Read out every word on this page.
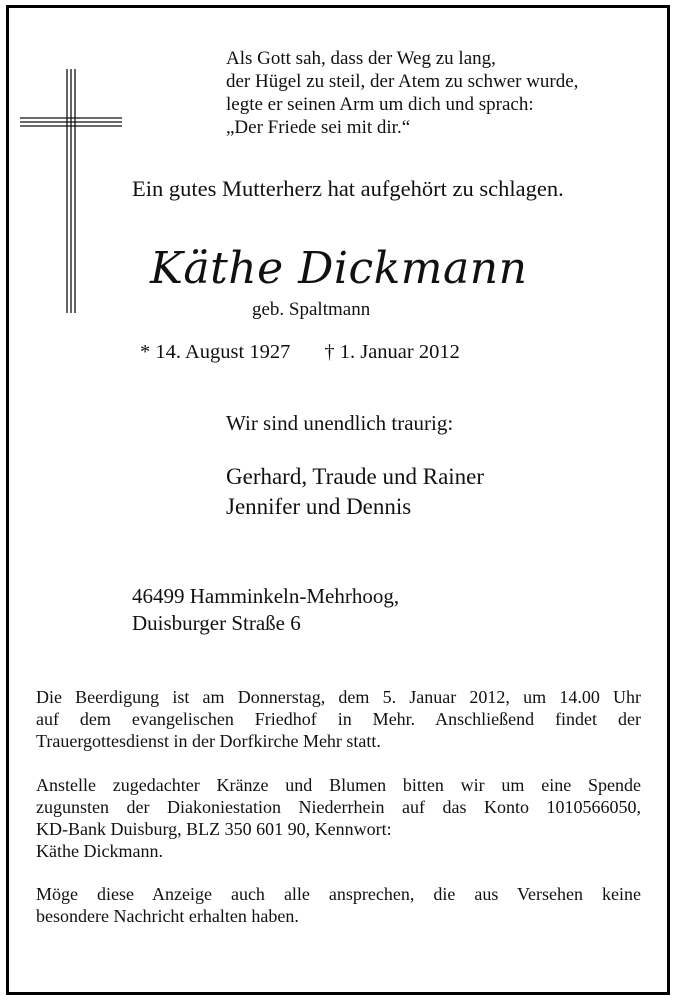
Als Gott sah, dass der Weg zu lang,
der Hügel zu steil, der Atem zu schwer wurde,
legte er seinen Arm um dich und sprach:
„Der Friede sei mit dir.“
Ein gutes Mutterherz hat aufgehört zu schlagen.
Käthe Dickmann
geb. Spaltmann
* 14. August 1927 † 1. Januar 2012
Wir sind unendlich traurig:
Gerhard, Traude und Rainer
Jennifer und Dennis
46499 Hamminkeln-Mehrhoog,
Duisburger Straße 6
Die Beerdigung ist am Donnerstag, dem 5. Januar 2012, um 14.00 Uhr
auf dem evangelischen Friedhof in Mehr. Anschließend findet der
Trauergottesdienst in der Dorfkirche Mehr statt.
Anstelle zugedachter Kränze und Blumen bitten wir um eine Spende
zugunsten der Diakoniestation Niederrhein auf das Konto 1010566050,
KD-Bank Duisburg, BLZ 350 601 90, Kennwort:
Käthe Dickmann.
Möge diese Anzeige auch alle ansprechen, die aus Versehen keine
besondere Nachricht erhalten haben.
